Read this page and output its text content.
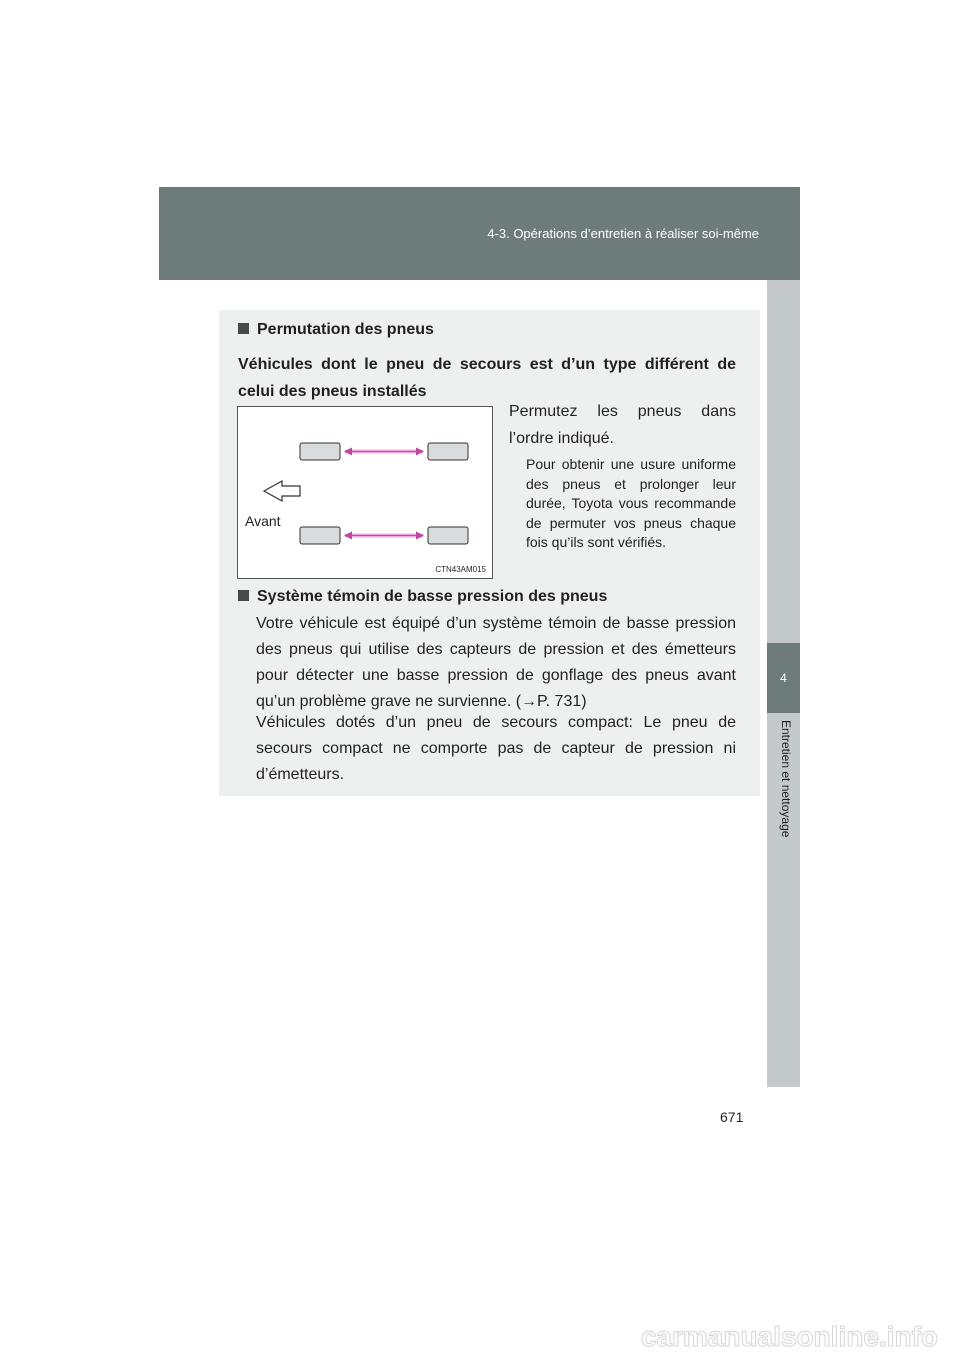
4-3. Opérations d’entretien à réaliser soi-même
4
Entretien et nettoyage
Permutation des pneus
Véhicules dont le pneu de secours est d’un type différent de celui des pneus installés
Avant
CTN43AM015
Permutez les pneus dans l’ordre indiqué.
Pour obtenir une usure uniforme des pneus et prolonger leur durée, Toyota vous recommande de permuter vos pneus chaque fois qu’ils sont vérifiés.
Système témoin de basse pression des pneus
Votre véhicule est équipé d’un système témoin de basse pression des pneus qui utilise des capteurs de pression et des émetteurs pour détecter une basse pression de gonflage des pneus avant qu’un problème grave ne survienne. (→P. 731)
Véhicules dotés d’un pneu de secours compact: Le pneu de secours compact ne comporte pas de capteur de pression ni d’émetteurs.
671
carmanualsonline.info
